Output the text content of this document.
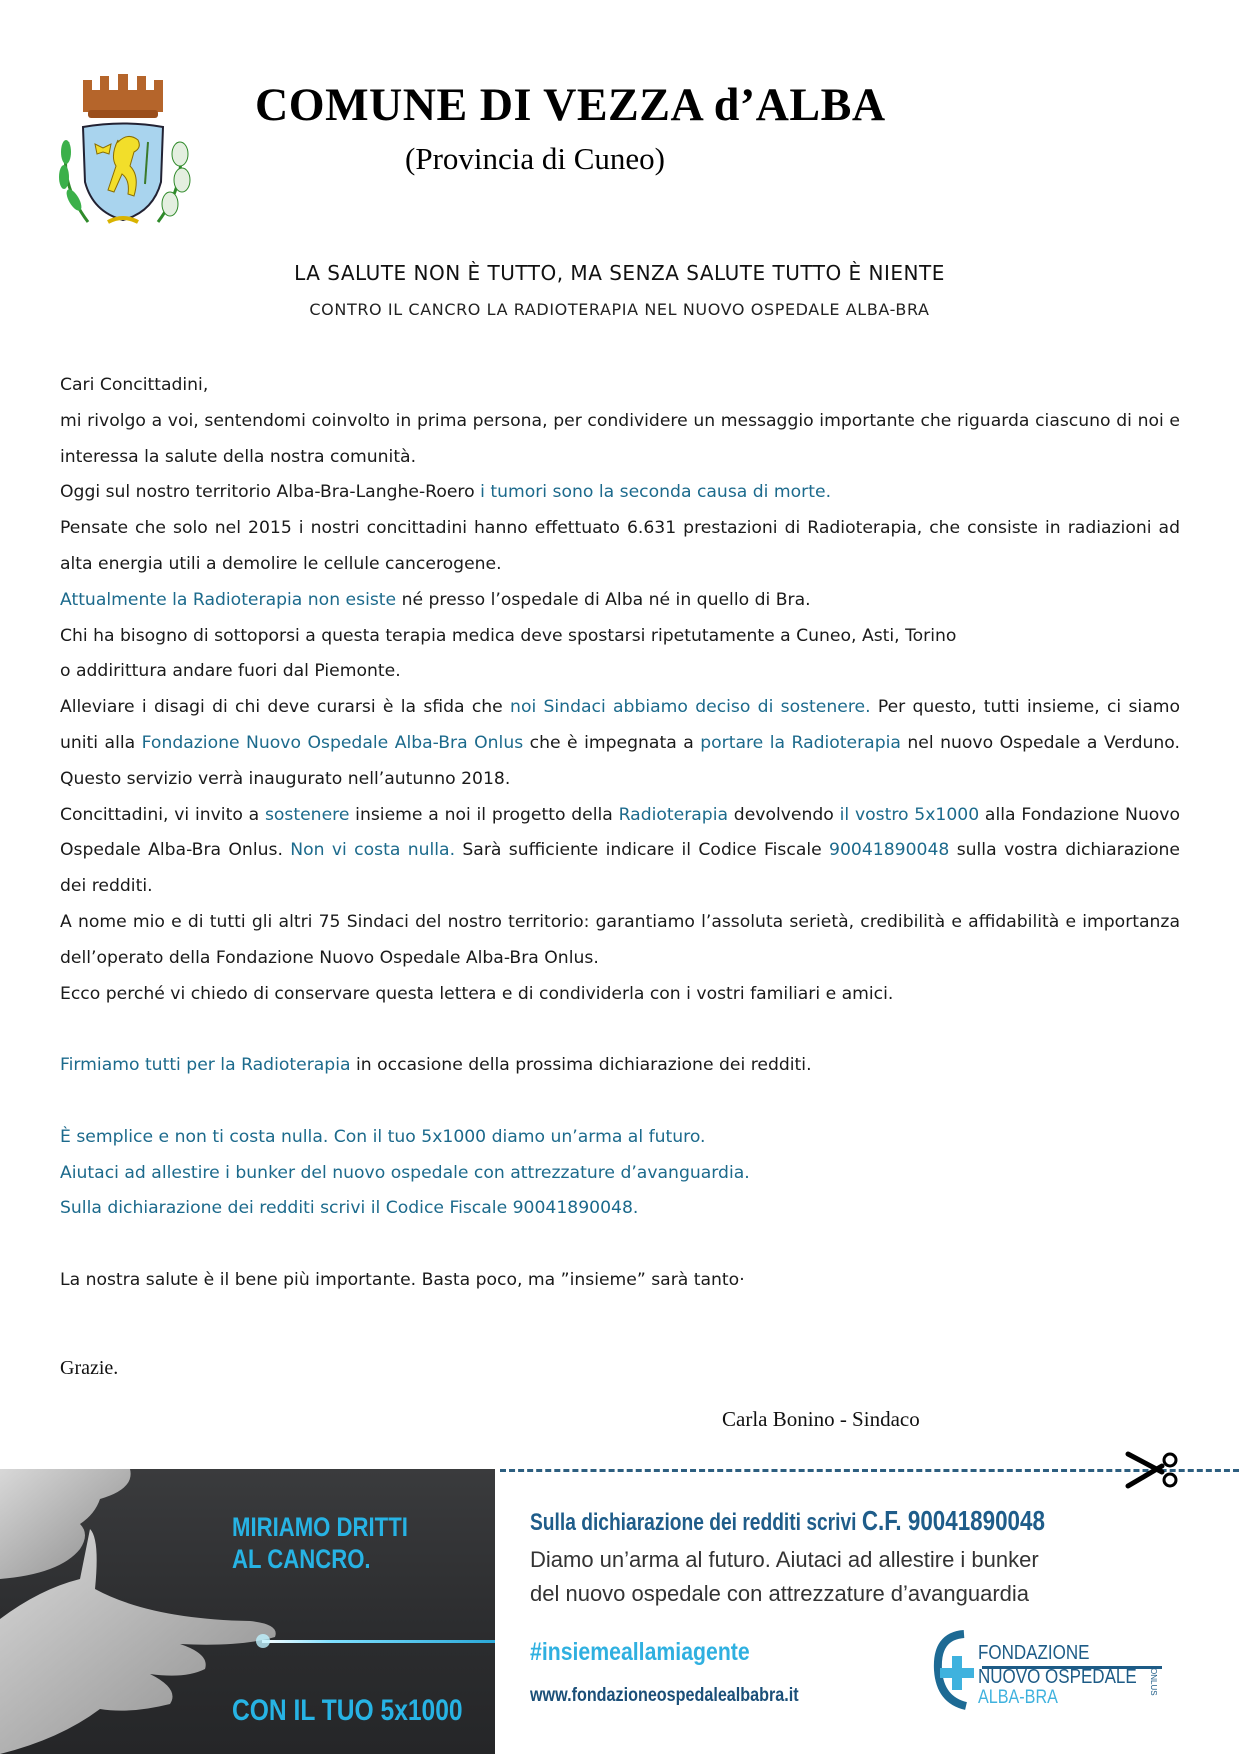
COMUNE DI VEZZA d’ALBA
(Provincia di Cuneo)
LA SALUTE NON È TUTTO, MA SENZA SALUTE TUTTO È NIENTE
CONTRO IL CANCRO LA RADIOTERAPIA NEL NUOVO OSPEDALE ALBA-BRA

Cari Concittadini,

mi rivolgo a voi, sentendomi coinvolto in prima persona, per condividere un messaggio importante che riguarda ciascuno di noi e interessa la salute della nostra comunità.

Oggi sul nostro territorio Alba-Bra-Langhe-Roero i tumori sono la seconda causa di morte.

Pensate che solo nel 2015 i nostri concittadini hanno effettuato 6.631 prestazioni di Radioterapia, che consiste in radiazioni ad alta energia utili a demolire le cellule cancerogene.

Attualmente la Radioterapia non esiste né presso l’ospedale di Alba né in quello di Bra.

Chi ha bisogno di sottoporsi a questa terapia medica deve spostarsi ripetutamente a Cuneo, Asti, Torino

o addirittura andare fuori dal Piemonte.

Alleviare i disagi di chi deve curarsi è la sfida che noi Sindaci abbiamo deciso di sostenere. Per questo, tutti insieme, ci siamo uniti alla Fondazione Nuovo Ospedale Alba-Bra Onlus che è impegnata a portare la Radioterapia nel nuovo Ospedale a Verduno. Questo servizio verrà inaugurato nell’autunno 2018.

Concittadini, vi invito a sostenere insieme a noi il progetto della Radioterapia devolvendo il vostro 5x1000 alla Fondazione Nuovo Ospedale Alba-Bra Onlus. Non vi costa nulla. Sarà sufficiente indicare il Codice Fiscale 90041890048 sulla vostra dichiarazione dei redditi.

A nome mio e di tutti gli altri 75 Sindaci del nostro territorio: garantiamo l’assoluta serietà, credibilità e affidabilità e importanza dell’operato della Fondazione Nuovo Ospedale Alba-Bra Onlus.

Ecco perché vi chiedo di conservare questa lettera e di condividerla con i vostri familiari e amici.

Firmiamo tutti per la Radioterapia in occasione della prossima dichiarazione dei redditi.

È semplice e non ti costa nulla. Con il tuo 5x1000 diamo un’arma al futuro.

Aiutaci ad allestire i bunker del nuovo ospedale con attrezzature d’avanguardia.

Sulla dichiarazione dei redditi scrivi il Codice Fiscale 90041890048.

La nostra salute è il bene più importante. Basta poco, ma ”insieme” sarà tanto·

Grazie.
Carla Bonino - Sindaco
MIRIAMO DRITTI
AL CANCRO.
CON IL TUO 5x1000
Sulla dichiarazione dei redditi scrivi C.F. 90041890048
Diamo un’arma al futuro. Aiutaci ad allestire i bunker
del nuovo ospedale con attrezzature d’avanguardia
#insiemeallamiagente
www.fondazioneospedalealbabra.it
FONDAZIONE
NUOVO OSPEDALE
ALBA-BRA
ONLUS
